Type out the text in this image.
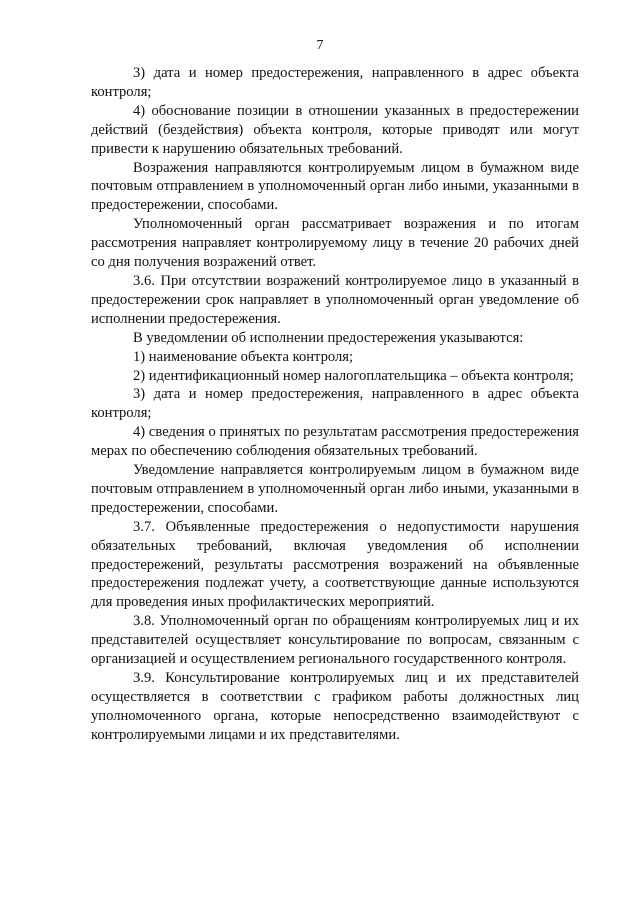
7

3) дата и номер предостережения, направленного в адрес объекта контроля;

4) обоснование позиции в отношении указанных в предостережении действий (бездействия) объекта контроля, которые приводят или могут привести к нарушению обязательных требований.

Возражения направляются контролируемым лицом в бумажном виде почтовым отправлением в уполномоченный орган либо иными, указанными в предостережении, способами.

Уполномоченный орган рассматривает возражения и по итогам рассмотрения направляет контролируемому лицу в течение 20 рабочих дней со дня получения возражений ответ.

3.6. При отсутствии возражений контролируемое лицо в указанный в предостережении срок направляет в уполномоченный орган уведомление об исполнении предостережения.

В уведомлении об исполнении предостережения указываются:

1) наименование объекта контроля;

2) идентификационный номер налогоплательщика – объекта контроля;

3) дата и номер предостережения, направленного в адрес объекта контроля;

4) сведения о принятых по результатам рассмотрения предостережения мерах по обеспечению соблюдения обязательных требований.

Уведомление направляется контролируемым лицом в бумажном виде почтовым отправлением в уполномоченный орган либо иными, указанными в предостережении, способами.

3.7. Объявленные предостережения о недопустимости нарушения обязательных требований, включая уведомления об исполнении предостережений, результаты рассмотрения возражений на объявленные предостережения подлежат учету, а соответствующие данные используются для проведения иных профилактических мероприятий.

3.8. Уполномоченный орган по обращениям контролируемых лиц и их представителей осуществляет консультирование по вопросам, связанным с организацией и осуществлением регионального государственного контроля.

3.9. Консультирование контролируемых лиц и их представителей осуществляется в соответствии с графиком работы должностных лиц уполномоченного органа, которые непосредственно взаимодействуют с контролируемыми лицами и их представителями.
